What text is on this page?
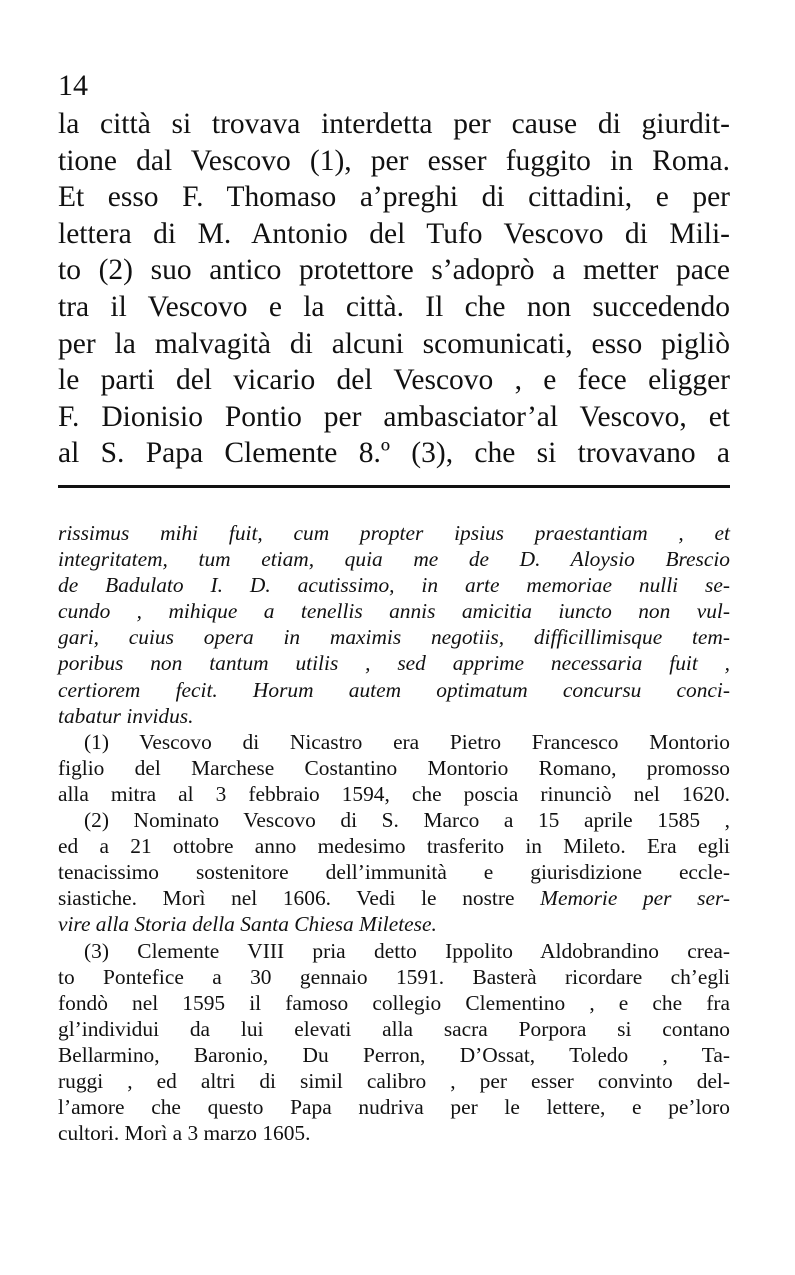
14
la città si trovava interdetta per cause di giurdit-
tione dal Vescovo (1), per esser fuggito in Roma.
Et esso F. Thomaso a’preghi di cittadini, e per
lettera di M. Antonio del Tufo Vescovo di Mili-
to (2) suo antico protettore s’adoprò a metter pace
tra il Vescovo e la città. Il che non succedendo
per la malvagità di alcuni scomunicati, esso pigliò
le parti del vicario del Vescovo , e fece eligger
F. Dionisio Pontio per ambasciator’al Vescovo, et
al S. Papa Clemente 8.º (3), che si trovavano a
rissimus mihi fuit, cum propter ipsius praestantiam , et
integritatem, tum etiam, quia me de D. Aloysio Brescio
de Badulato I. D. acutissimo, in arte memoriae nulli se-
cundo , mihique a tenellis annis amicitia iuncto non vul-
gari, cuius opera in maximis negotiis, difficillimisque tem-
poribus non tantum utilis , sed apprime necessaria fuit ,
certiorem fecit. Horum autem optimatum concursu conci-
tabatur invidus.
(1) Vescovo di Nicastro era Pietro Francesco Montorio
figlio del Marchese Costantino Montorio Romano, promosso
alla mitra al 3 febbraio 1594, che poscia rinunciò nel 1620.
(2) Nominato Vescovo di S. Marco a 15 aprile 1585 ,
ed a 21 ottobre anno medesimo trasferito in Mileto. Era egli
tenacissimo sostenitore dell’immunità e giurisdizione eccle-
siastiche. Morì nel 1606. Vedi le nostre Memorie per ser-
vire alla Storia della Santa Chiesa Miletese.
(3) Clemente VIII pria detto Ippolito Aldobrandino crea-
to Pontefice a 30 gennaio 1591. Basterà ricordare ch’egli
fondò nel 1595 il famoso collegio Clementino , e che fra
gl’individui da lui elevati alla sacra Porpora si contano
Bellarmino, Baronio, Du Perron, D’Ossat, Toledo , Ta-
ruggi , ed altri di simil calibro , per esser convinto del-
l’amore che questo Papa nudriva per le lettere, e pe’loro
cultori. Morì a 3 marzo 1605.
